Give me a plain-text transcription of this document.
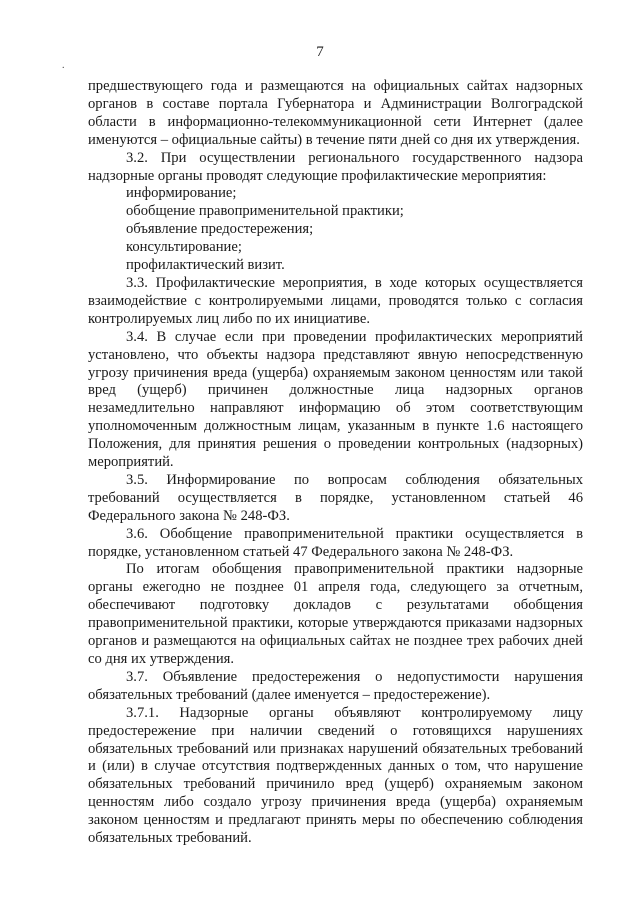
7
.

предшествующего года и размещаются на официальных сайтах надзорных органов в составе портала Губернатора и Администрации Волгоградской области в информационно-телекоммуникационной сети Интернет (далее именуются – официальные сайты) в течение пяти дней со дня их утверждения.

3.2. При осуществлении регионального государственного надзора надзорные органы проводят следующие профилактические мероприятия:

информирование;

обобщение правоприменительной практики;

объявление предостережения;

консультирование;

профилактический визит.

3.3. Профилактические мероприятия, в ходе которых осуществляется взаимодействие с контролируемыми лицами, проводятся только с согласия контролируемых лиц либо по их инициативе.

3.4. В случае если при проведении профилактических мероприятий установлено, что объекты надзора представляют явную непосредственную угрозу причинения вреда (ущерба) охраняемым законом ценностям или такой вред (ущерб) причинен должностные лица надзорных органов незамедлительно направляют информацию об этом соответствующим уполномоченным должностным лицам, указанным в пункте 1.6 настоящего Положения, для принятия решения о проведении контрольных (надзорных) мероприятий.

3.5. Информирование по вопросам соблюдения обязательных требований осуществляется в порядке, установленном статьей 46 Федерального закона № 248-ФЗ.

3.6. Обобщение правоприменительной практики осуществляется в порядке, установленном статьей 47 Федерального закона № 248-ФЗ.

По итогам обобщения правоприменительной практики надзорные органы ежегодно не позднее 01 апреля года, следующего за отчетным, обеспечивают подготовку докладов с результатами обобщения правоприменительной практики, которые утверждаются приказами надзорных органов и размещаются на официальных сайтах не позднее трех рабочих дней со дня их утверждения.

3.7. Объявление предостережения о недопустимости нарушения обязательных требований (далее именуется – предостережение).

3.7.1. Надзорные органы объявляют контролируемому лицу предостережение при наличии сведений о готовящихся нарушениях обязательных требований или признаках нарушений обязательных требований и (или) в случае отсутствия подтвержденных данных о том, что нарушение обязательных требований причинило вред (ущерб) охраняемым законом ценностям либо создало угрозу причинения вреда (ущерба) охраняемым законом ценностям и предлагают принять меры по обеспечению соблюдения обязательных требований.
